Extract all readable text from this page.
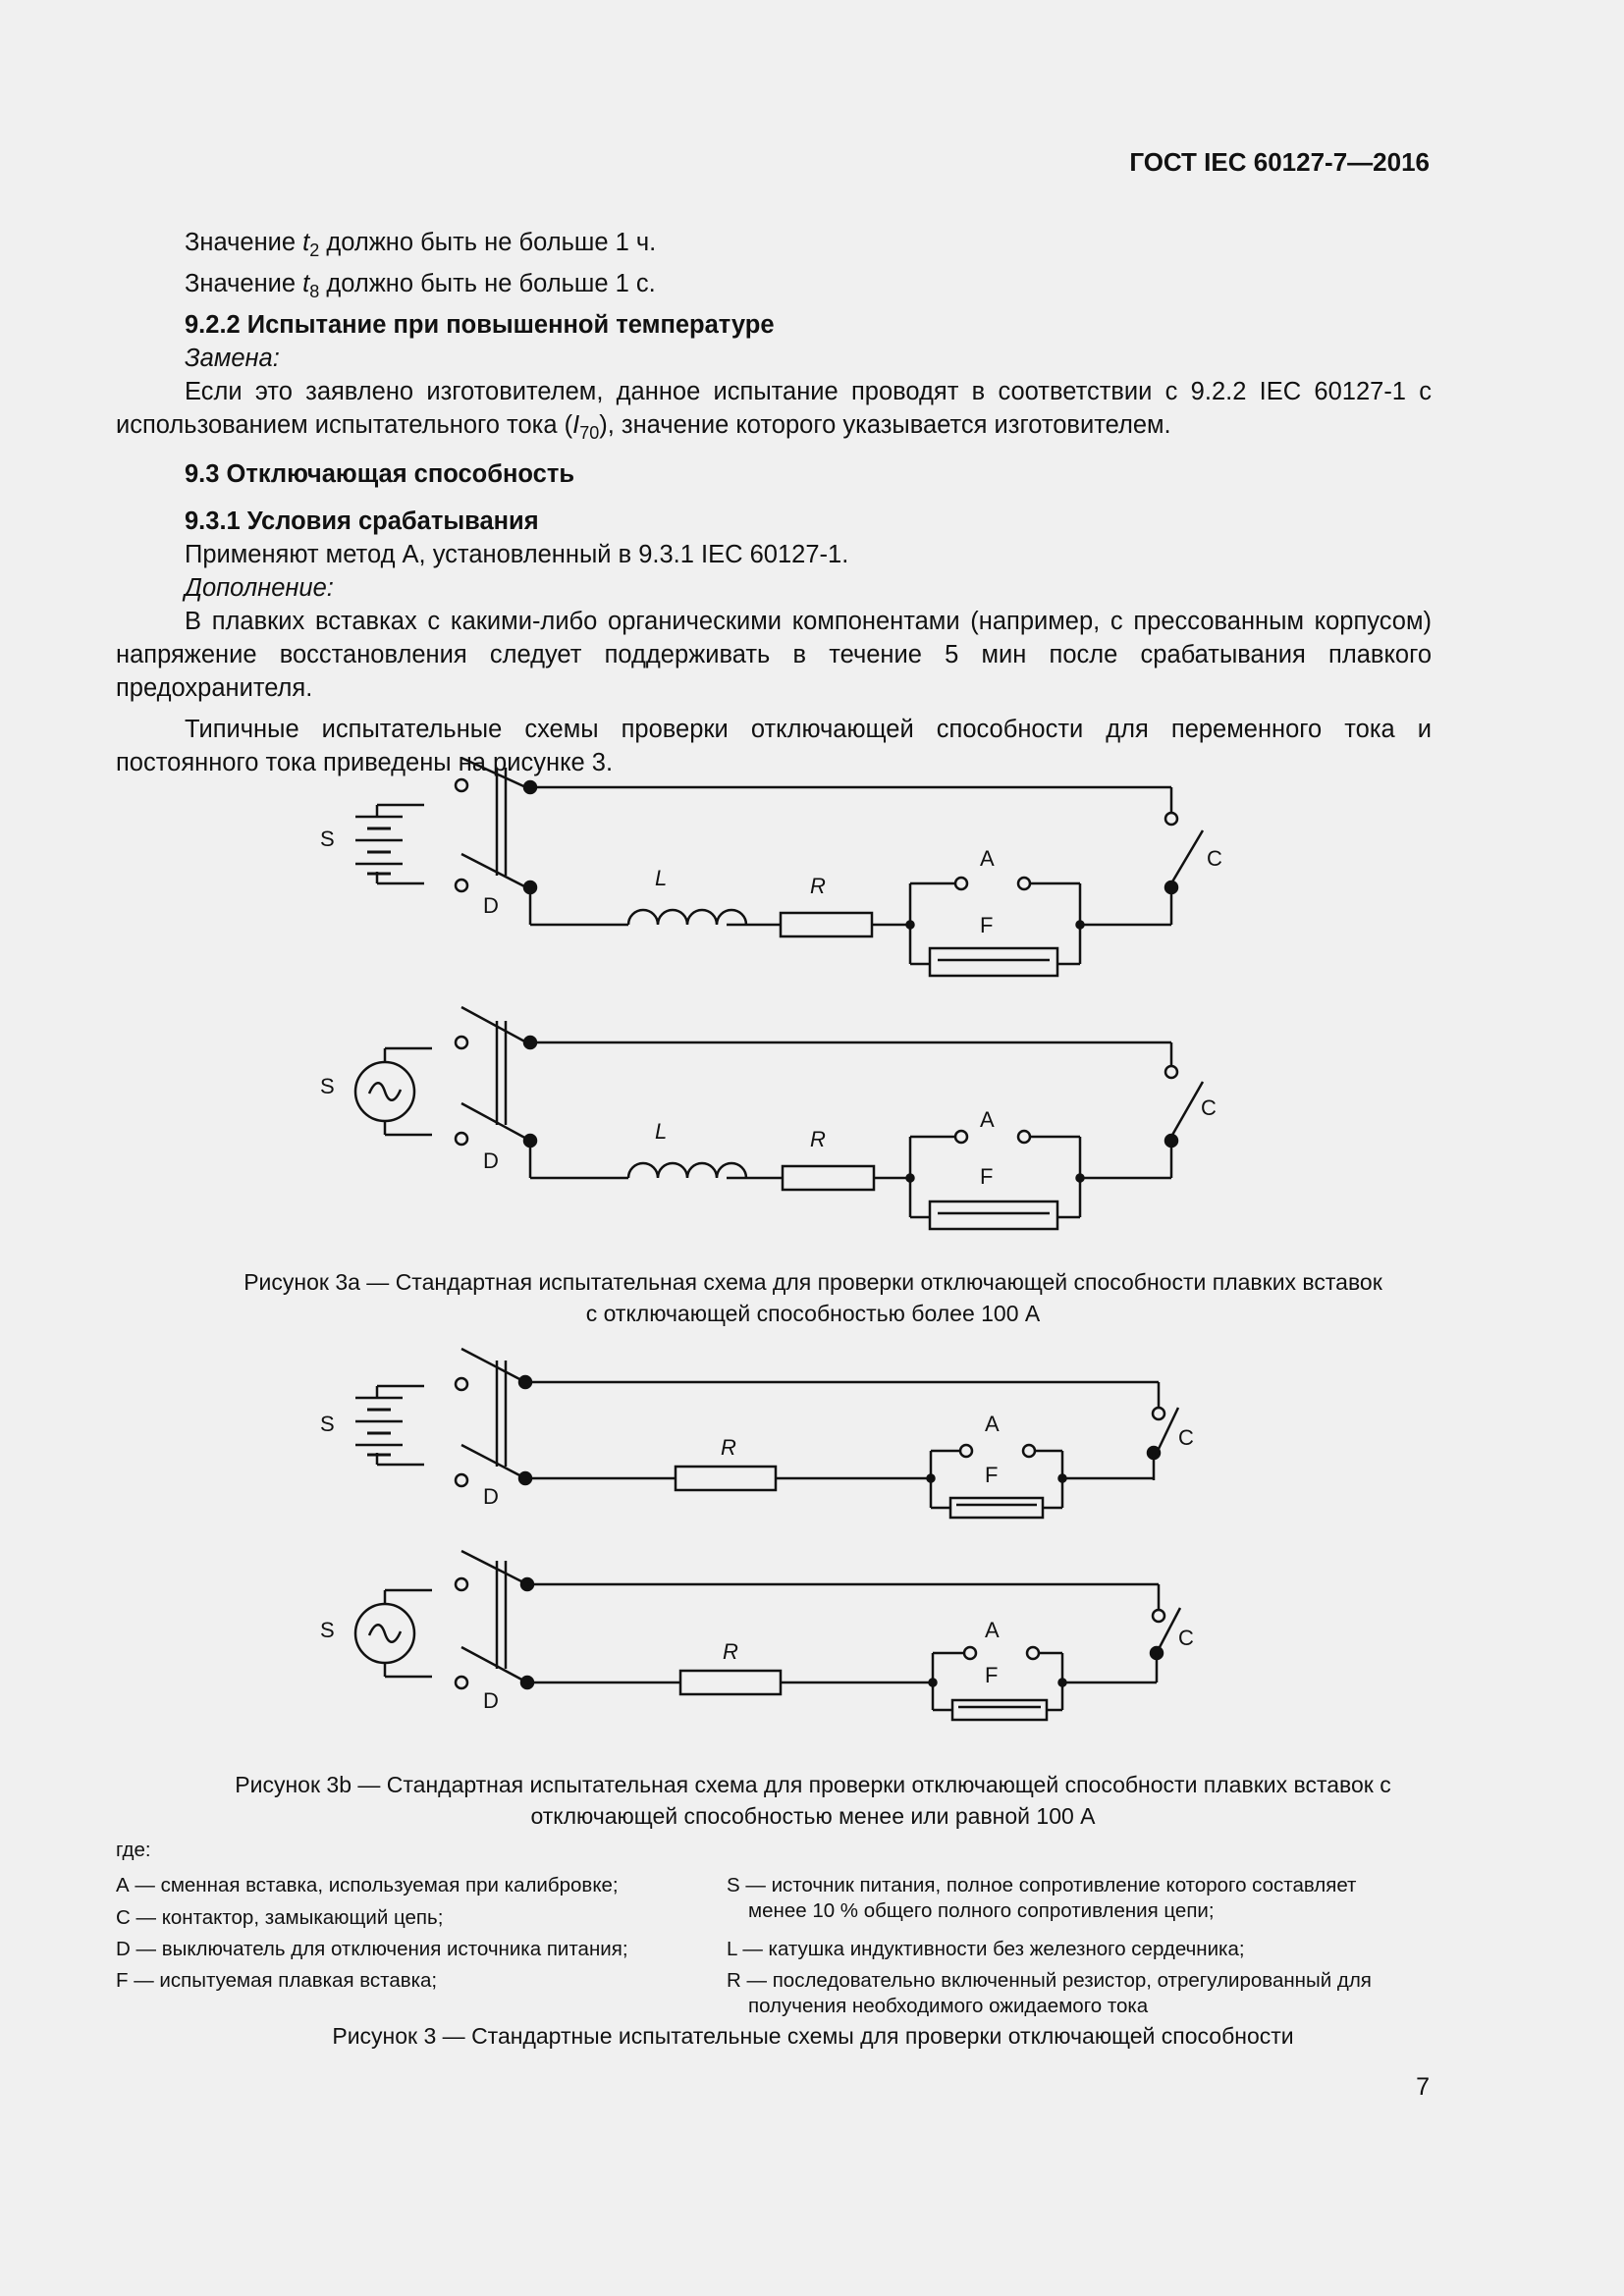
ГОСТ IEC 60127-7—2016

Значение $t_2$ должно быть не больше 1 ч.

Значение $t_8$ должно быть не больше 1 с.

9.2.2 Испытание при повышенной температуре

Замена:

Если это заявлено изготовителем, данное испытание проводят в соответствии с 9.2.2 IEC 60127-1 с использованием испытательного тока $(I_{70})$, значение которого указывается изготовителем.

9.3 Отключающая способность

9.3.1 Условия срабатывания

Применяют метод А, установленный в 9.3.1 IEC 60127-1.

Дополнение:

В плавких вставках с какими-либо органическими компонентами (например, с прессованным корпусом) напряжение восстановления следует поддерживать в течение 5 мин после срабатывания плавкого предохранителя.

Типичные испытательные схемы проверки отключающей способности для переменного тока и постоянного тока приведены на рисунке 3.

S
D
L	R
A
F
C
S
D
L	R
A
F
C
S
D
R
A
F
C
S
D
R
A
F
C
Рисунок 3a — Стандартная испытательная схема для проверки отключающей способности плавких вставок
с отключающей способностью более 100 А
Рисунок 3b — Стандартная испытательная схема для проверки отключающей способности плавких вставок с
отключающей способностью менее или равной 100 А
где:
А — сменная вставка, используемая при калибровке;
С — контактор, замыкающий цепь;
D — выключатель для отключения источника питания;
F — испытуемая плавкая вставка;
S — источник питания, полное сопротивление которого составляет
менее 10 % общего полного сопротивления цепи;
L — катушка индуктивности без железного сердечника;
R — последовательно включенный резистор, отрегулированный для
получения необходимого ожидаемого тока
Рисунок 3 — Стандартные испытательные схемы для проверки отключающей способности
7
